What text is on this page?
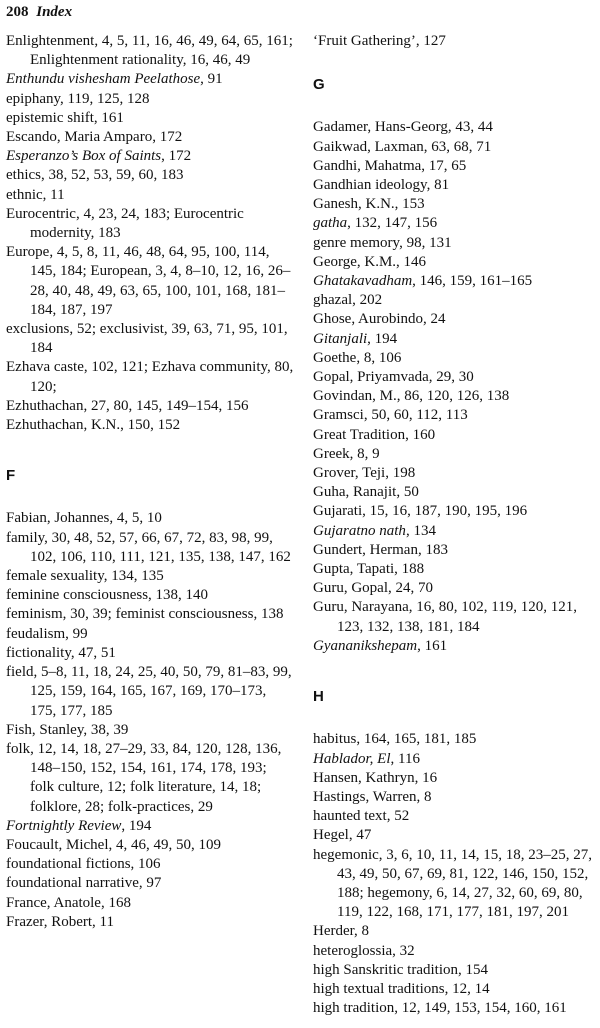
208 Index
Enlightenment, 4, 5, 11, 16, 46, 49, 64, 65, 161; Enlightenment rationality, 16, 46, 49
Enthundu vishesham Peelathose, 91
epiphany, 119, 125, 128
epistemic shift, 161
Escando, Maria Amparo, 172
Esperanzo’s Box of Saints, 172
ethics, 38, 52, 53, 59, 60, 183
ethnic, 11
Eurocentric, 4, 23, 24, 183; Eurocentric modernity, 183
Europe, 4, 5, 8, 11, 46, 48, 64, 95, 100, 114, 145, 184; European, 3, 4, 8–10, 12, 16, 26–28, 40, 48, 49, 63, 65, 100, 101, 168, 181–184, 187, 197
exclusions, 52; exclusivist, 39, 63, 71, 95, 101, 184
Ezhava caste, 102, 121; Ezhava community, 80, 120;
Ezhuthachan, 27, 80, 145, 149–154, 156
Ezhuthachan, K.N., 150, 152
F
Fabian, Johannes, 4, 5, 10
family, 30, 48, 52, 57, 66, 67, 72, 83, 98, 99, 102, 106, 110, 111, 121, 135, 138, 147, 162
female sexuality, 134, 135
feminine consciousness, 138, 140
feminism, 30, 39; feminist consciousness, 138
feudalism, 99
fictionality, 47, 51
field, 5–8, 11, 18, 24, 25, 40, 50, 79, 81–83, 99, 125, 159, 164, 165, 167, 169, 170–173, 175, 177, 185
Fish, Stanley, 38, 39
folk, 12, 14, 18, 27–29, 33, 84, 120, 128, 136, 148–150, 152, 154, 161, 174, 178, 193; folk culture, 12; folk literature, 14, 18; folklore, 28; folk-practices, 29
Fortnightly Review, 194
Foucault, Michel, 4, 46, 49, 50, 109
foundational fictions, 106
foundational narrative, 97
France, Anatole, 168
Frazer, Robert, 11
‘Fruit Gathering’, 127
G
Gadamer, Hans-Georg, 43, 44
Gaikwad, Laxman, 63, 68, 71
Gandhi, Mahatma, 17, 65
Gandhian ideology, 81
Ganesh, K.N., 153
gatha, 132, 147, 156
genre memory, 98, 131
George, K.M., 146
Ghatakavadham, 146, 159, 161–165
ghazal, 202
Ghose, Aurobindo, 24
Gitanjali, 194
Goethe, 8, 106
Gopal, Priyamvada, 29, 30
Govindan, M., 86, 120, 126, 138
Gramsci, 50, 60, 112, 113
Great Tradition, 160
Greek, 8, 9
Grover, Teji, 198
Guha, Ranajit, 50
Gujarati, 15, 16, 187, 190, 195, 196
Gujaratno nath, 134
Gundert, Herman, 183
Gupta, Tapati, 188
Guru, Gopal, 24, 70
Guru, Narayana, 16, 80, 102, 119, 120, 121, 123, 132, 138, 181, 184
Gyananikshepam, 161
H
habitus, 164, 165, 181, 185
Hablador, El, 116
Hansen, Kathryn, 16
Hastings, Warren, 8
haunted text, 52
Hegel, 47
hegemonic, 3, 6, 10, 11, 14, 15, 18, 23–25, 27, 43, 49, 50, 67, 69, 81, 122, 146, 150, 152, 188; hegemony, 6, 14, 27, 32, 60, 69, 80, 119, 122, 168, 171, 177, 181, 197, 201
Herder, 8
heteroglossia, 32
high Sanskritic tradition, 154
high textual traditions, 12, 14
high tradition, 12, 149, 153, 154, 160, 161
